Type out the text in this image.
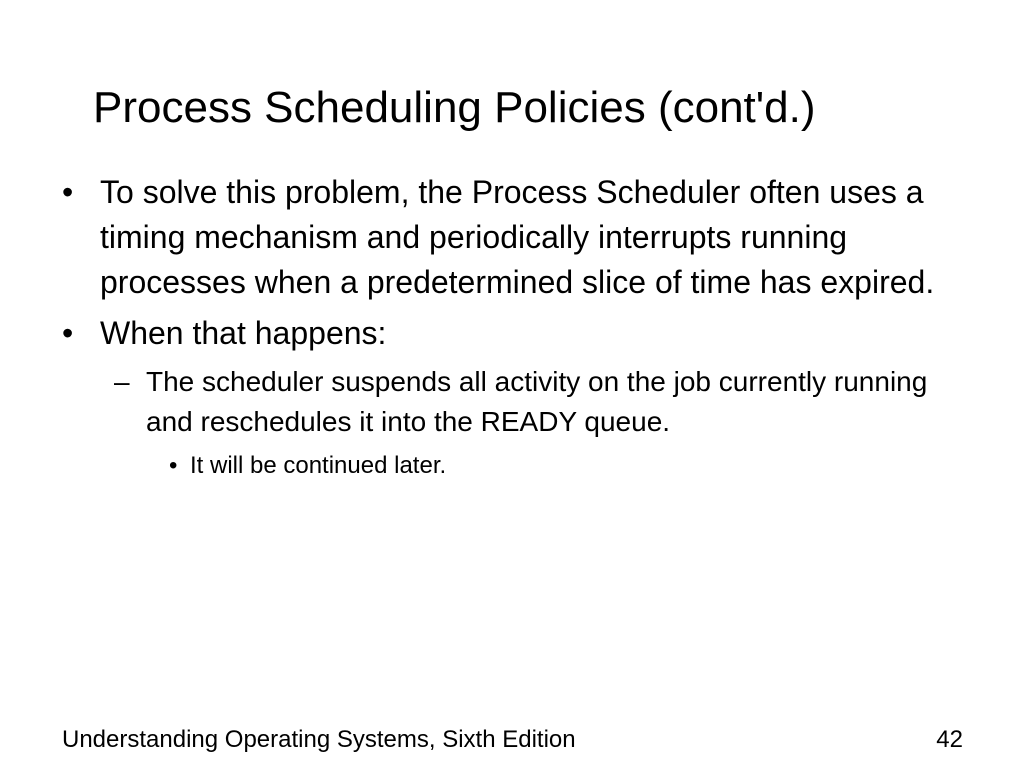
Process Scheduling Policies (cont'd.)
• To solve this problem, the Process Scheduler often uses a timing mechanism and periodically interrupts running processes when a predetermined slice of time has expired.
• When that happens:
– The scheduler suspends all activity on the job currently running and reschedules it into the READY queue.
• It will be continued later.
Understanding Operating Systems, Sixth Edition	42
